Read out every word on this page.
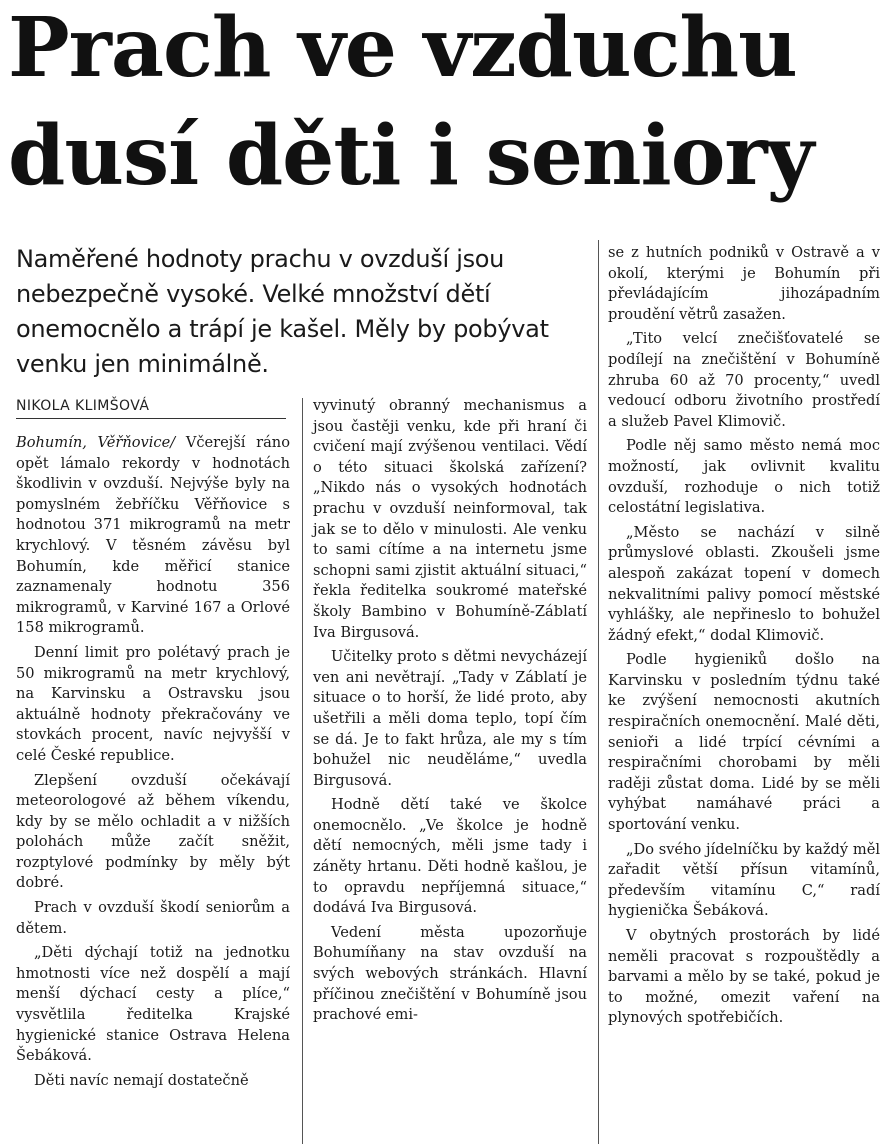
Prach ve vzduchu
dusí děti i seniory

Naměřené hodnoty prachu v ovzduší jsou nebezpečně vysoké. Velké množství dětí onemocnělo a trápí je kašel. Měly by pobývat venku jen minimálně.

NIKOLA KLIMŠOVÁ

Bohumín, Věřňovice/ Včerejší ráno opět lámalo rekordy v hodnotách škodlivin v ovzduší. Nejvýše byly na pomyslném žebříčku Věřňovice s hodnotou 371 mikrogramů na metr krychlový. V těsném závěsu byl Bohumín, kde měřicí stanice zaznamenaly hodnotu 356 mikrogramů, v Karviné 167 a Orlové 158 mikrogramů.

Denní limit pro polétavý prach je 50 mikrogramů na metr krychlový, na Karvinsku a Ostravsku jsou aktuálně hodnoty překračovány ve stovkách procent, navíc nejvyšší v celé České republice.

Zlepšení ovzduší očekávají meteorologové až během víkendu, kdy by se mělo ochladit a v nižších polohách může začít sněžit, rozptylové podmínky by měly být dobré.

Prach v ovzduší škodí seniorům a dětem.

„Děti dýchají totiž na jednotku hmotnosti více než dospělí a mají menší dýchací cesty a plíce,“ vysvětlila ředitelka Krajské hygienické stanice Ostrava Helena Šebáková.

Děti navíc nemají dostatečně

vyvinutý obranný mechanismus a jsou častěji venku, kde při hraní či cvičení mají zvýšenou ventilaci. Vědí o této situaci školská zařízení? „Nikdo nás o vysokých hodnotách prachu v ovzduší neinformoval, tak jak se to dělo v minulosti. Ale venku to sami cítíme a na internetu jsme schopni sami zjistit aktuální situaci,“ řekla ředitelka soukromé mateřské školy Bambino v Bohumíně-Záblatí Iva Birgusová.

Učitelky proto s dětmi nevycházejí ven ani nevětrají. „Tady v Záblatí je situace o to horší, že lidé proto, aby ušetřili a měli doma teplo, topí čím se dá. Je to fakt hrůza, ale my s tím bohužel nic neuděláme,“ uvedla Birgusová.

Hodně dětí také ve školce onemocnělo. „Ve školce je hodně dětí nemocných, měli jsme tady i záněty hrtanu. Děti hodně kašlou, je to opravdu nepříjemná situace,“ dodává Iva Birgusová.

Vedení města upozorňuje Bohumíňany na stav ovzduší na svých webových stránkách. Hlavní příčinou znečištění v Bohumíně jsou prachové emi-

se z hutních podniků v Ostravě a v okolí, kterými je Bohumín při převládajícím jihozápadním proudění větrů zasažen.

„Tito velcí znečišťovatelé se podílejí na znečištění v Bohumíně zhruba 60 až 70 procenty,“ uvedl vedoucí odboru životního prostředí a služeb Pavel Klimovič.

Podle něj samo město nemá moc možností, jak ovlivnit kvalitu ovzduší, rozhoduje o nich totiž celostátní legislativa.

„Město se nachází v silně průmyslové oblasti. Zkoušeli jsme alespoň zakázat topení v domech nekvalitními palivy pomocí městské vyhlášky, ale nepřineslo to bohužel žádný efekt,“ dodal Klimovič.

Podle hygieniků došlo na Karvinsku v posledním týdnu také ke zvýšení nemocnosti akutních respiračních onemocnění. Malé děti, senioři a lidé trpící cévními a respiračními chorobami by měli raději zůstat doma. Lidé by se měli vyhýbat namáhavé práci a sportování venku.

„Do svého jídelníčku by každý měl zařadit větší přísun vitamínů, především vitamínu C,“ radí hygienička Šebáková.

V obytných prostorách by lidé neměli pracovat s rozpouštědly a barvami a mělo by se také, pokud je to možné, omezit vaření na plynových spotřebičích.
